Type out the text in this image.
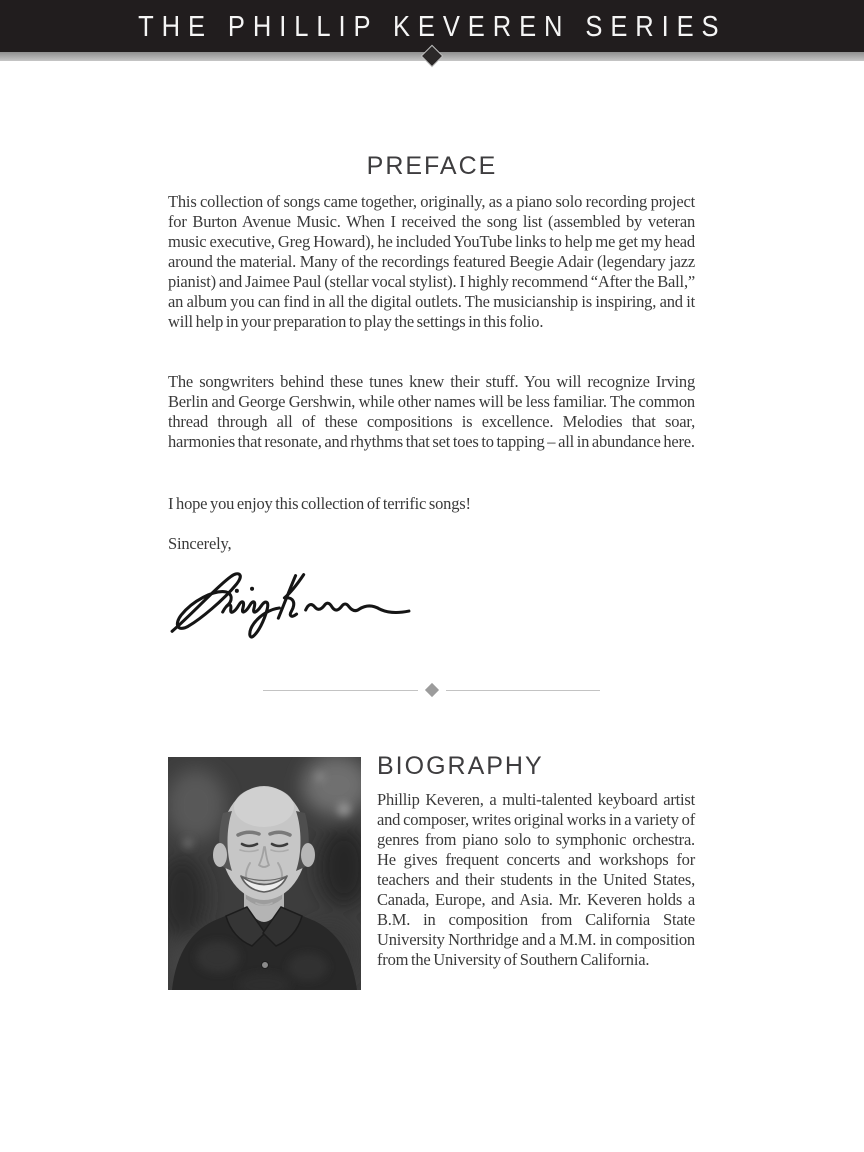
THE PHILLIP KEVEREN SERIES
PREFACE

This collection of songs came together, originally, as a piano solo recording project for Burton Avenue Music. When I received the song list (assembled by veteran music executive, Greg Howard), he included YouTube links to help me get my head around the material. Many of the recordings featured Beegie Adair (legendary jazz pianist) and Jaimee Paul (stellar vocal stylist). I highly recommend “After the Ball,” an album you can find in all the digital outlets. The musicianship is inspiring, and it will help in your preparation to play the settings in this folio.

The songwriters behind these tunes knew their stuff. You will recognize Irving Berlin and George Gershwin, while other names will be less familiar. The common thread through all of these compositions is excellence. Melodies that soar, harmonies that resonate, and rhythms that set toes to tapping – all in abundance here.

I hope you enjoy this collection of terrific songs!

Sincerely,

BIOGRAPHY

Phillip Keveren, a multi-talented keyboard artist and composer, writes original works in a variety of genres from piano solo to symphonic orchestra. He gives frequent concerts and workshops for teachers and their students in the United States, Canada, Europe, and Asia. Mr. Keveren holds a B.M. in composition from California State University Northridge and a M.M. in composition from the University of Southern California.
